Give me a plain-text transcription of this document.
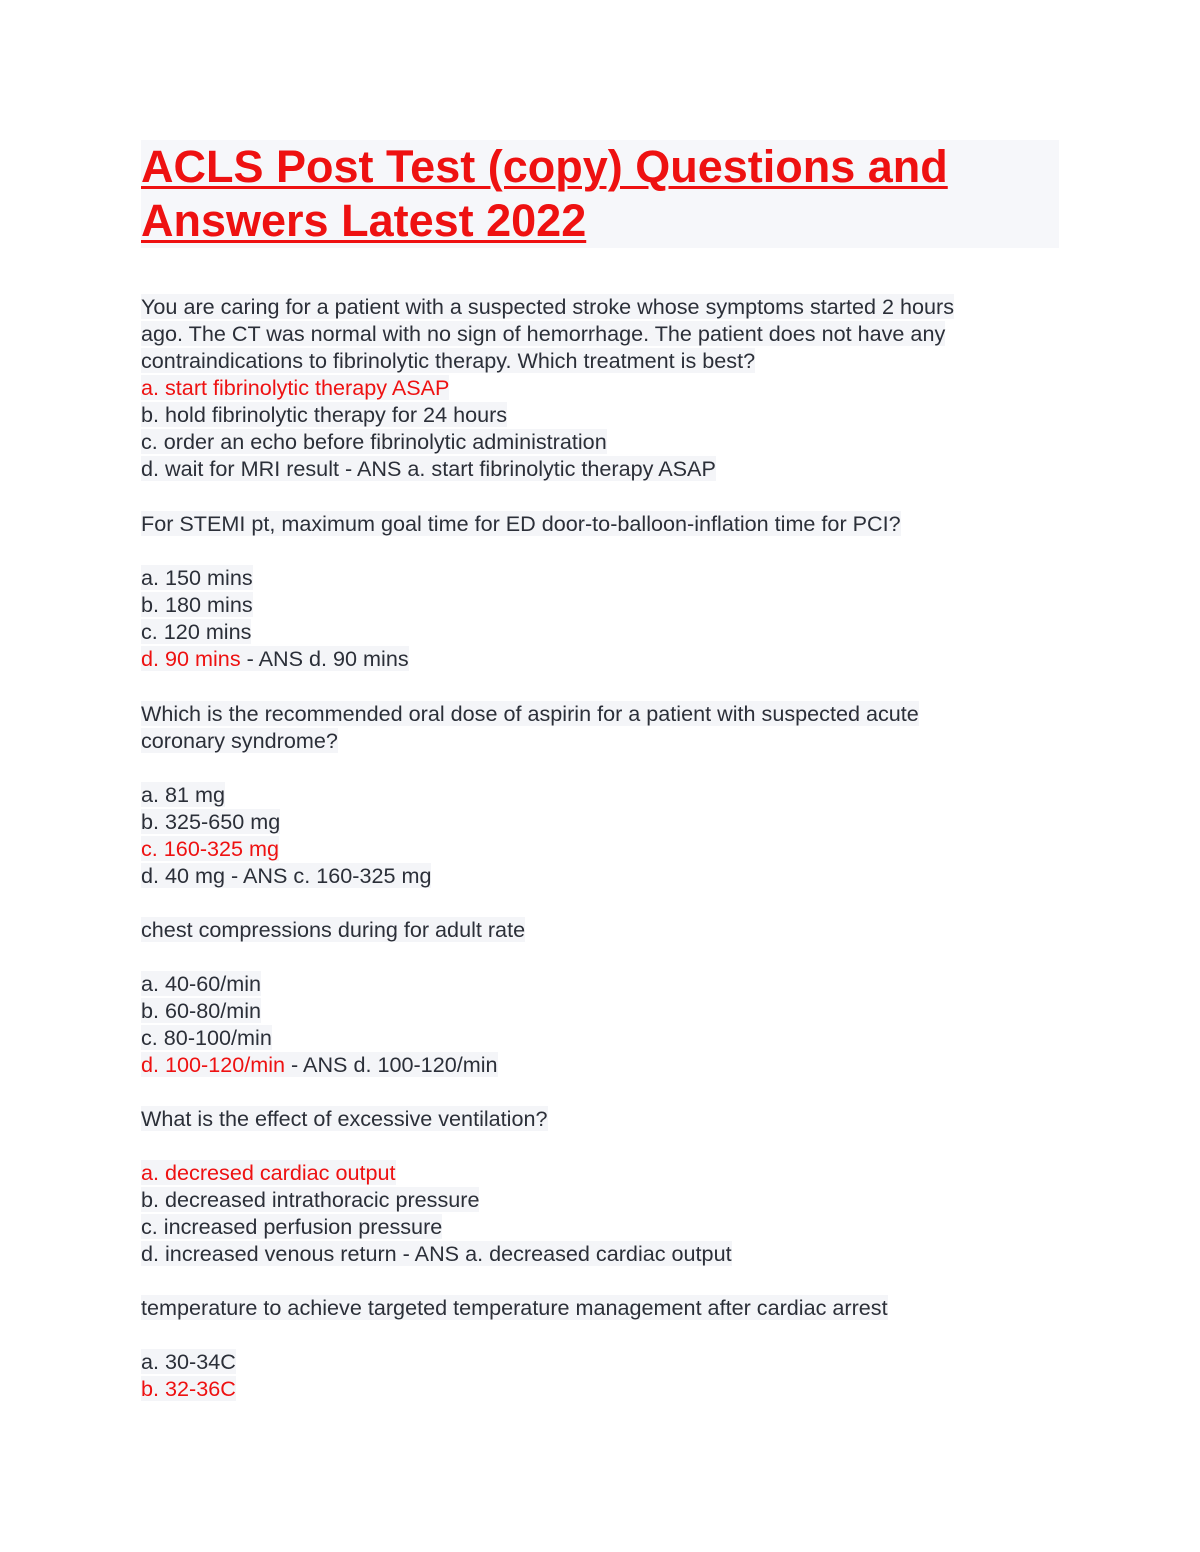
ACLS Post Test (copy) Questions and
Answers Latest 2022
You are caring for a patient with a suspected stroke whose symptoms started 2 hours
ago. The CT was normal with no sign of hemorrhage. The patient does not have any
contraindications to fibrinolytic therapy. Which treatment is best?
a. start fibrinolytic therapy ASAP
b. hold fibrinolytic therapy for 24 hours
c. order an echo before fibrinolytic administration
d. wait for MRI result - ANS a. start fibrinolytic therapy ASAP
For STEMI pt, maximum goal time for ED door-to-balloon-inflation time for PCI?
a. 150 mins
b. 180 mins
c. 120 mins
d. 90 mins - ANS d. 90 mins
Which is the recommended oral dose of aspirin for a patient with suspected acute
coronary syndrome?
a. 81 mg
b. 325-650 mg
c. 160-325 mg
d. 40 mg - ANS c. 160-325 mg
chest compressions during for adult rate
a. 40-60/min
b. 60-80/min
c. 80-100/min
d. 100-120/min - ANS d. 100-120/min
What is the effect of excessive ventilation?
a. decresed cardiac output
b. decreased intrathoracic pressure
c. increased perfusion pressure
d. increased venous return - ANS a. decreased cardiac output
temperature to achieve targeted temperature management after cardiac arrest
a. 30-34C
b. 32-36C
